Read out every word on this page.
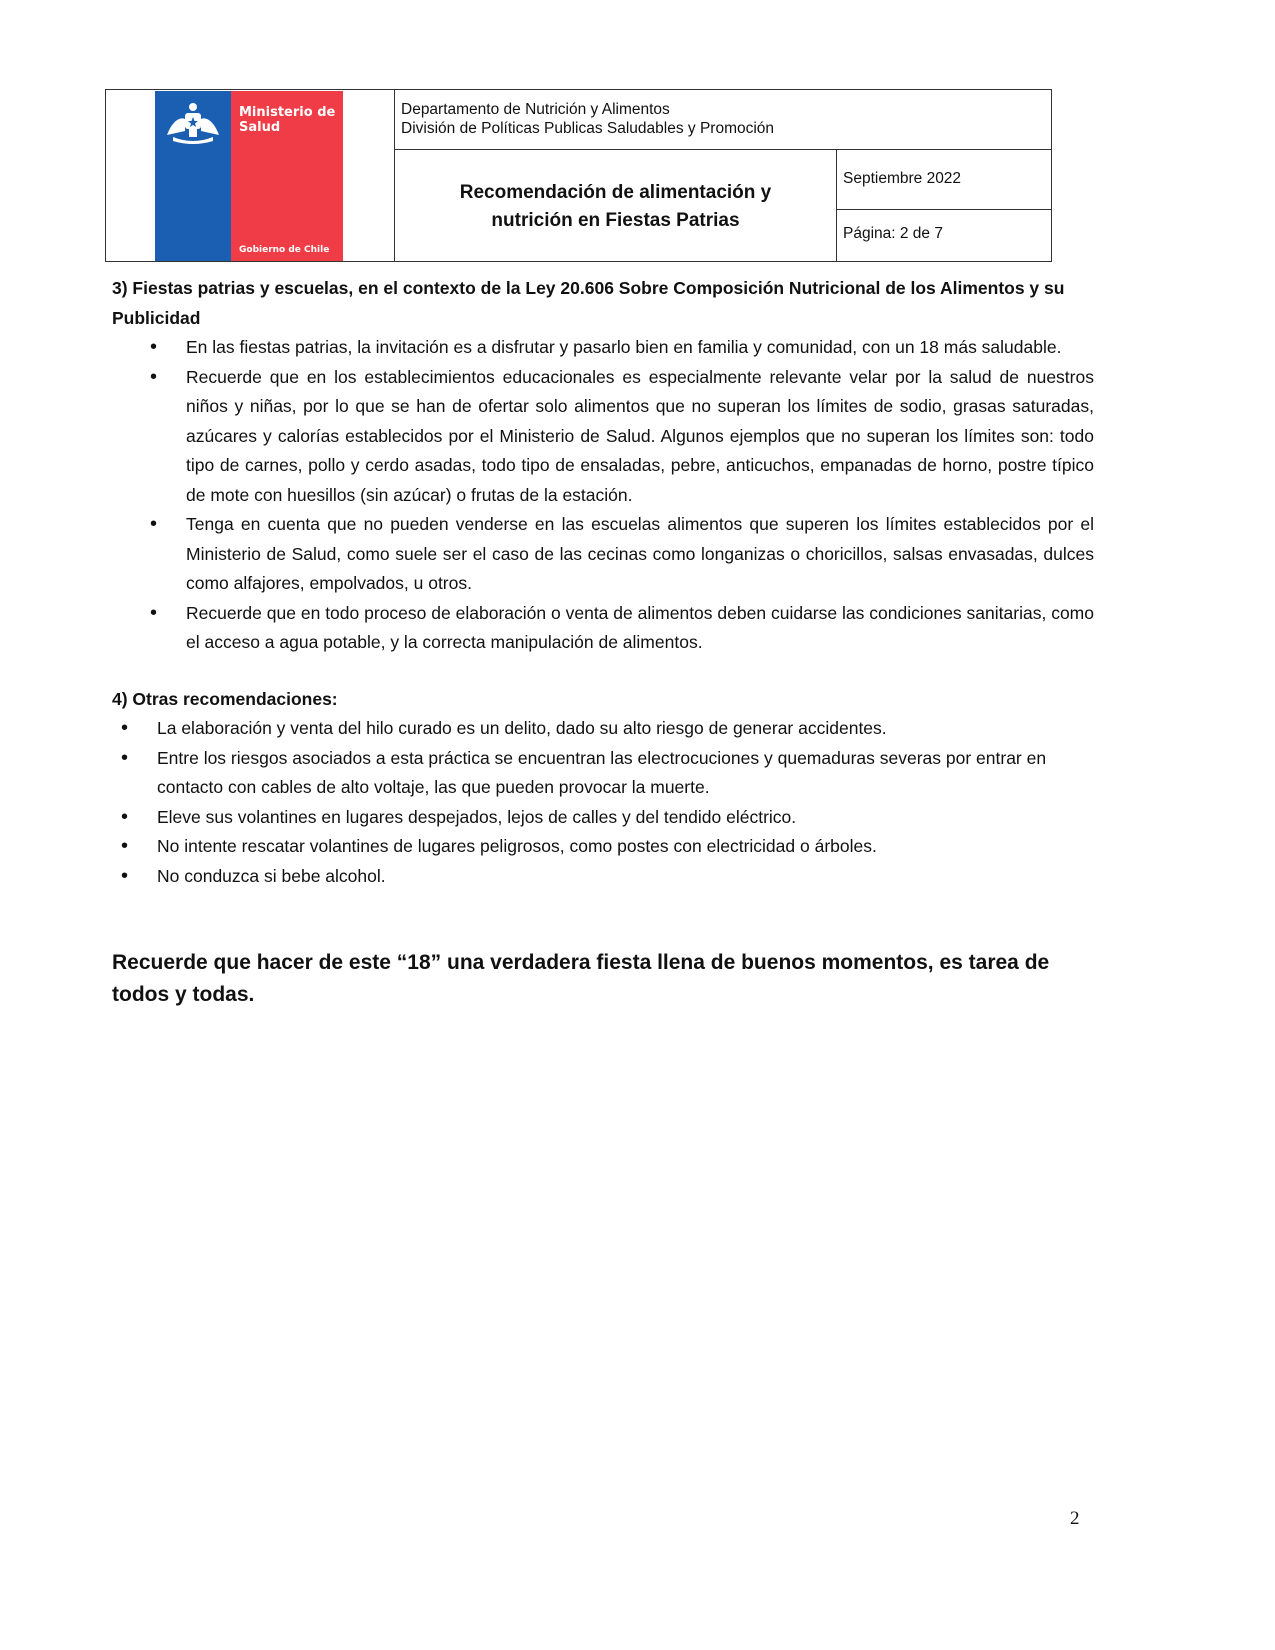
Ministerio de
Salud
Gobierno de Chile
Departamento de Nutrición y Alimentos
División de Políticas Publicas Saludables y Promoción
Recomendación de alimentación y
nutrición en Fiestas Patrias
Septiembre 2022
Página: 2 de 7

3) Fiestas patrias y escuelas, en el contexto de la Ley 20.606 Sobre Composición Nutricional de los Alimentos y su Publicidad

• En las fiestas patrias, la invitación es a disfrutar y pasarlo bien en familia y comunidad, con un 18 más saludable.
• Recuerde que en los establecimientos educacionales es especialmente relevante velar por la salud de nuestros niños y niñas, por lo que se han de ofertar solo alimentos que no superan los límites de sodio, grasas saturadas, azúcares y calorías establecidos por el Ministerio de Salud. Algunos ejemplos que no superan los límites son: todo tipo de carnes, pollo y cerdo asadas, todo tipo de ensaladas, pebre, anticuchos, empanadas de horno, postre típico de mote con huesillos (sin azúcar) o frutas de la estación.
• Tenga en cuenta que no pueden venderse en las escuelas alimentos que superen los límites establecidos por el Ministerio de Salud, como suele ser el caso de las cecinas como longanizas o choricillos, salsas envasadas, dulces como alfajores, empolvados, u otros.
• Recuerde que en todo proceso de elaboración o venta de alimentos deben cuidarse las condiciones sanitarias, como el acceso a agua potable, y la correcta manipulación de alimentos.

4) Otras recomendaciones:

• La elaboración y venta del hilo curado es un delito, dado su alto riesgo de generar accidentes.
• Entre los riesgos asociados a esta práctica se encuentran las electrocuciones y quemaduras severas por entrar en contacto con cables de alto voltaje, las que pueden provocar la muerte.
• Eleve sus volantines en lugares despejados, lejos de calles y del tendido eléctrico.
• No intente rescatar volantines de lugares peligrosos, como postes con electricidad o árboles.
• No conduzca si bebe alcohol.

Recuerde que hacer de este “18” una verdadera fiesta llena de buenos momentos, es tarea de todos y todas.

2
